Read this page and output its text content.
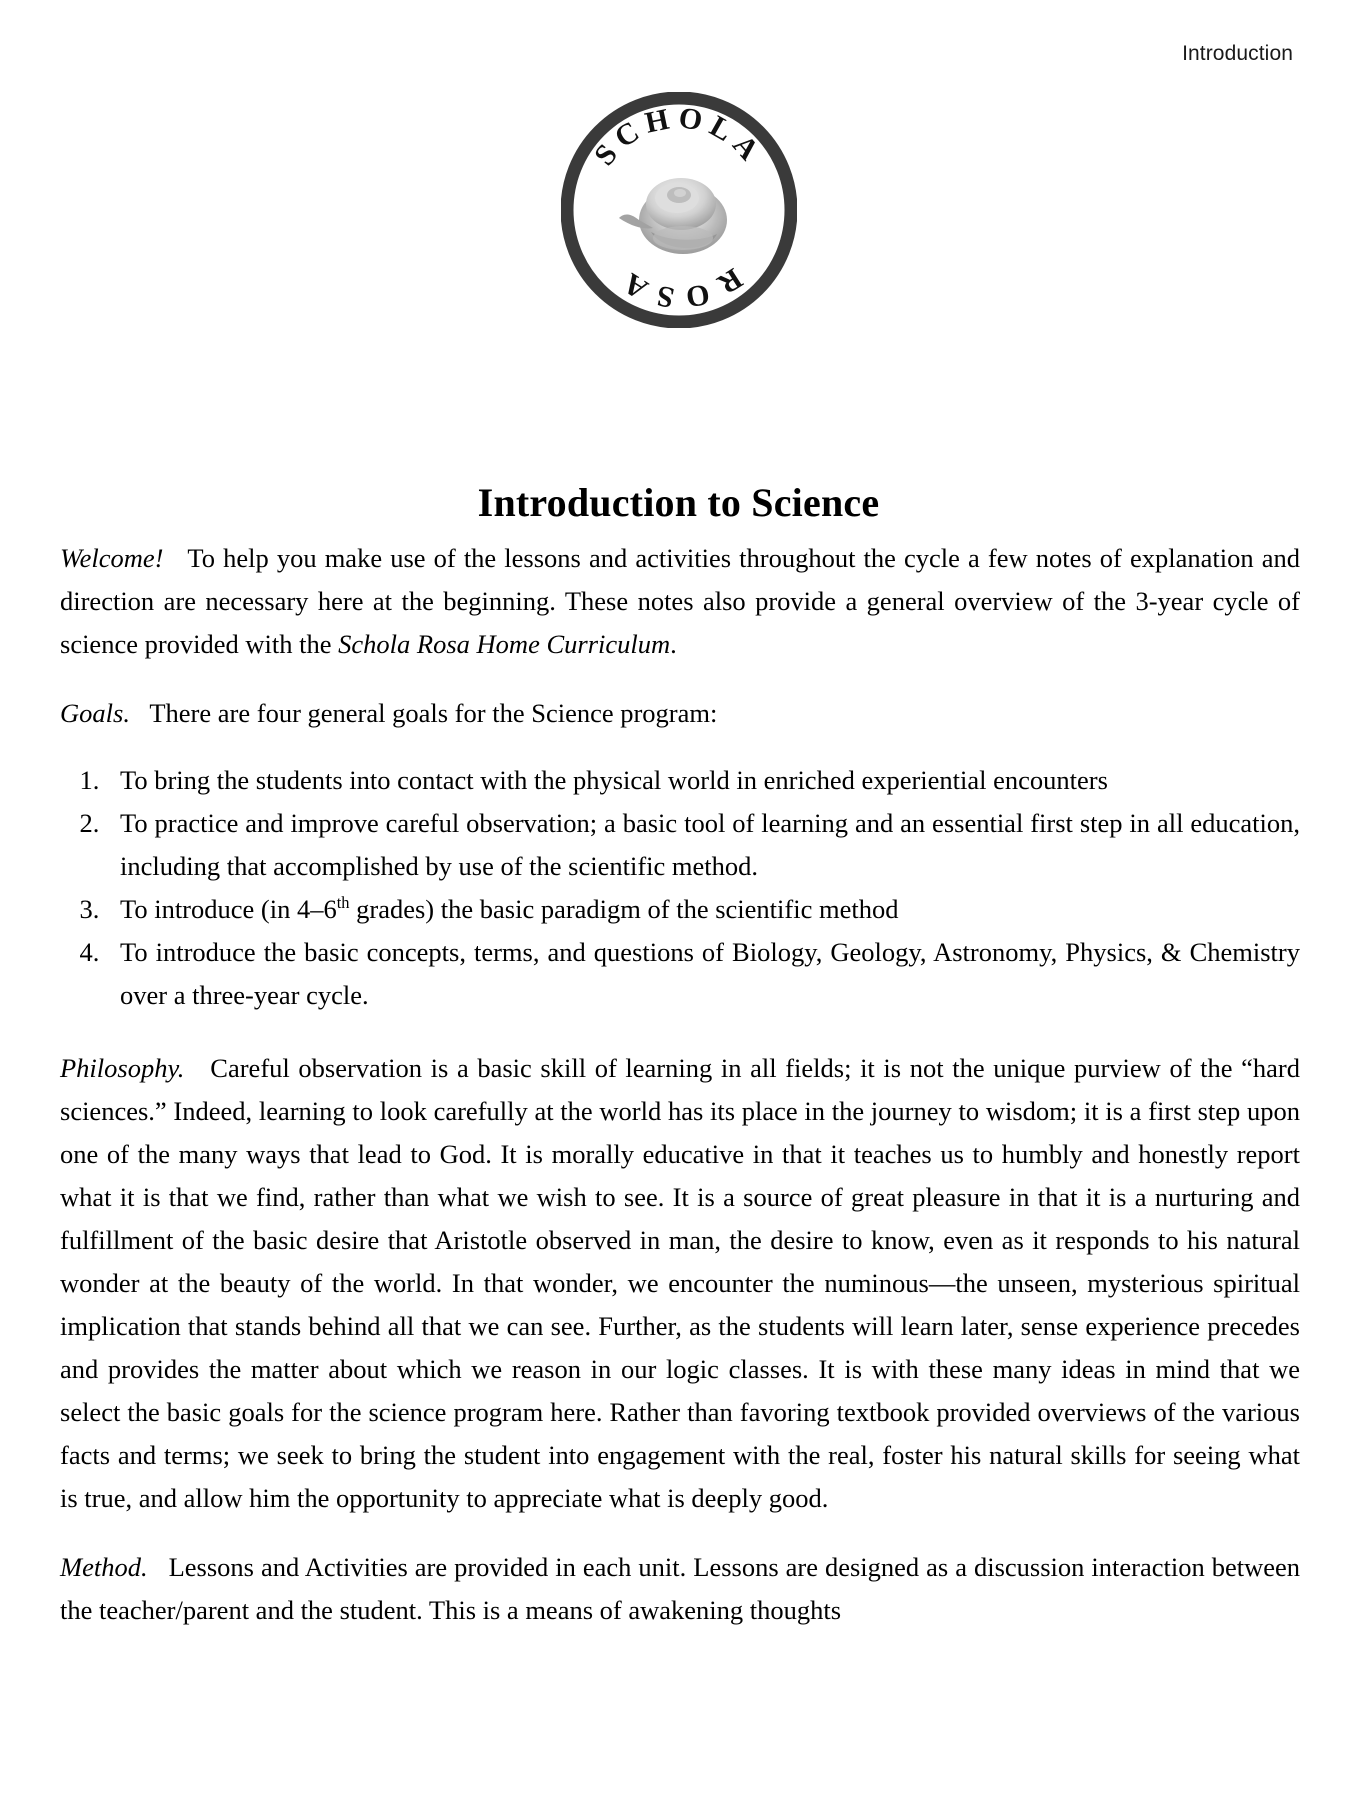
Introduction
SCHOLA
ROSA
Introduction to Science

Welcome! To help you make use of the lessons and activities throughout the cycle a few notes of explanation and direction are necessary here at the beginning. These notes also provide a general overview of the 3-year cycle of science provided with the Schola Rosa Home Curriculum.

Goals. There are four general goals for the Science program:

1. To bring the students into contact with the physical world in enriched experiential encounters
2. To practice and improve careful observation; a basic tool of learning and an essential first step in all education, including that accomplished by use of the scientific method.
3. To introduce (in 4–6th grades) the basic paradigm of the scientific method
4. To introduce the basic concepts, terms, and questions of Biology, Geology, Astronomy, Physics, & Chemistry over a three-year cycle.

Philosophy. Careful observation is a basic skill of learning in all fields; it is not the unique purview of the “hard sciences.” Indeed, learning to look carefully at the world has its place in the journey to wisdom; it is a first step upon one of the many ways that lead to God. It is morally educative in that it teaches us to humbly and honestly report what it is that we find, rather than what we wish to see. It is a source of great pleasure in that it is a nurturing and fulfillment of the basic desire that Aristotle observed in man, the desire to know, even as it responds to his natural wonder at the beauty of the world. In that wonder, we encounter the numinous—the unseen, mysterious spiritual implication that stands behind all that we can see. Further, as the students will learn later, sense experience precedes and provides the matter about which we reason in our logic classes. It is with these many ideas in mind that we select the basic goals for the science program here. Rather than favoring textbook provided overviews of the various facts and terms; we seek to bring the student into engagement with the real, foster his natural skills for seeing what is true, and allow him the opportunity to appreciate what is deeply good.

Method. Lessons and Activities are provided in each unit. Lessons are designed as a discussion interaction between the teacher/parent and the student. This is a means of awakening thoughts
